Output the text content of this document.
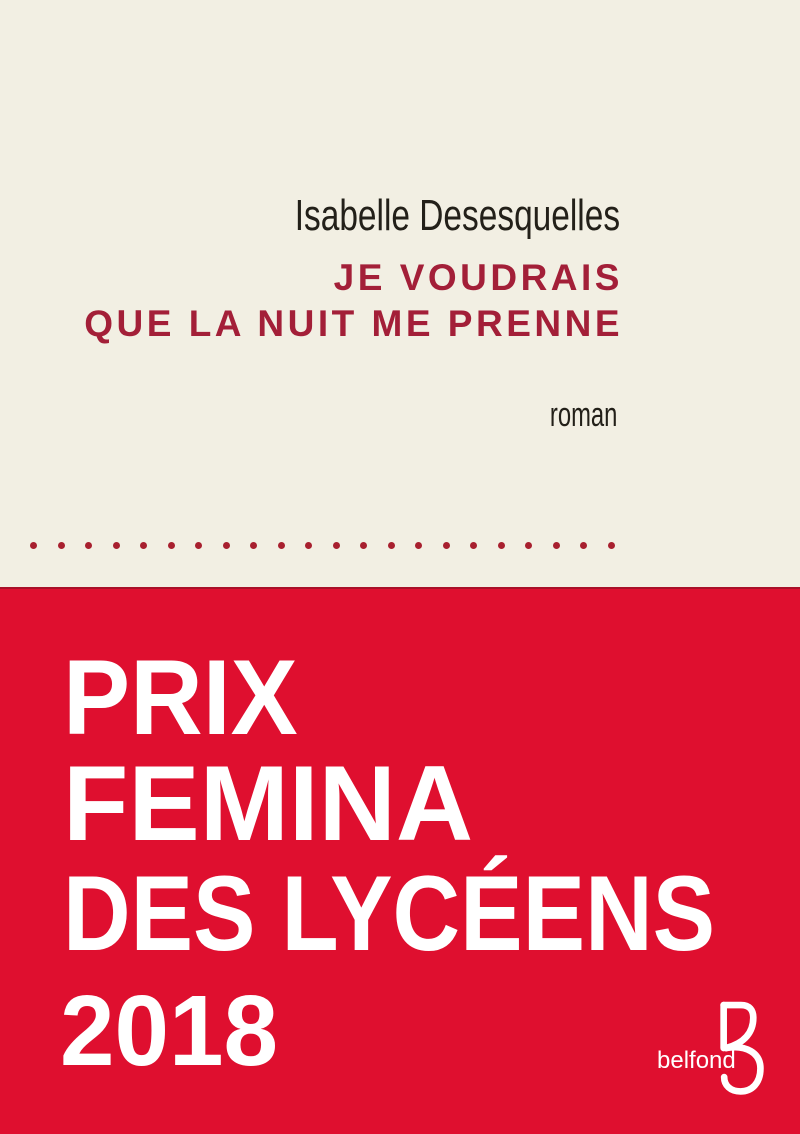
Isabelle Desesquelles
JE VOUDRAIS
QUE LA NUIT ME PRENNE
roman
PRIX
FEMINA
DES LYCÉENS
2018	belfond
